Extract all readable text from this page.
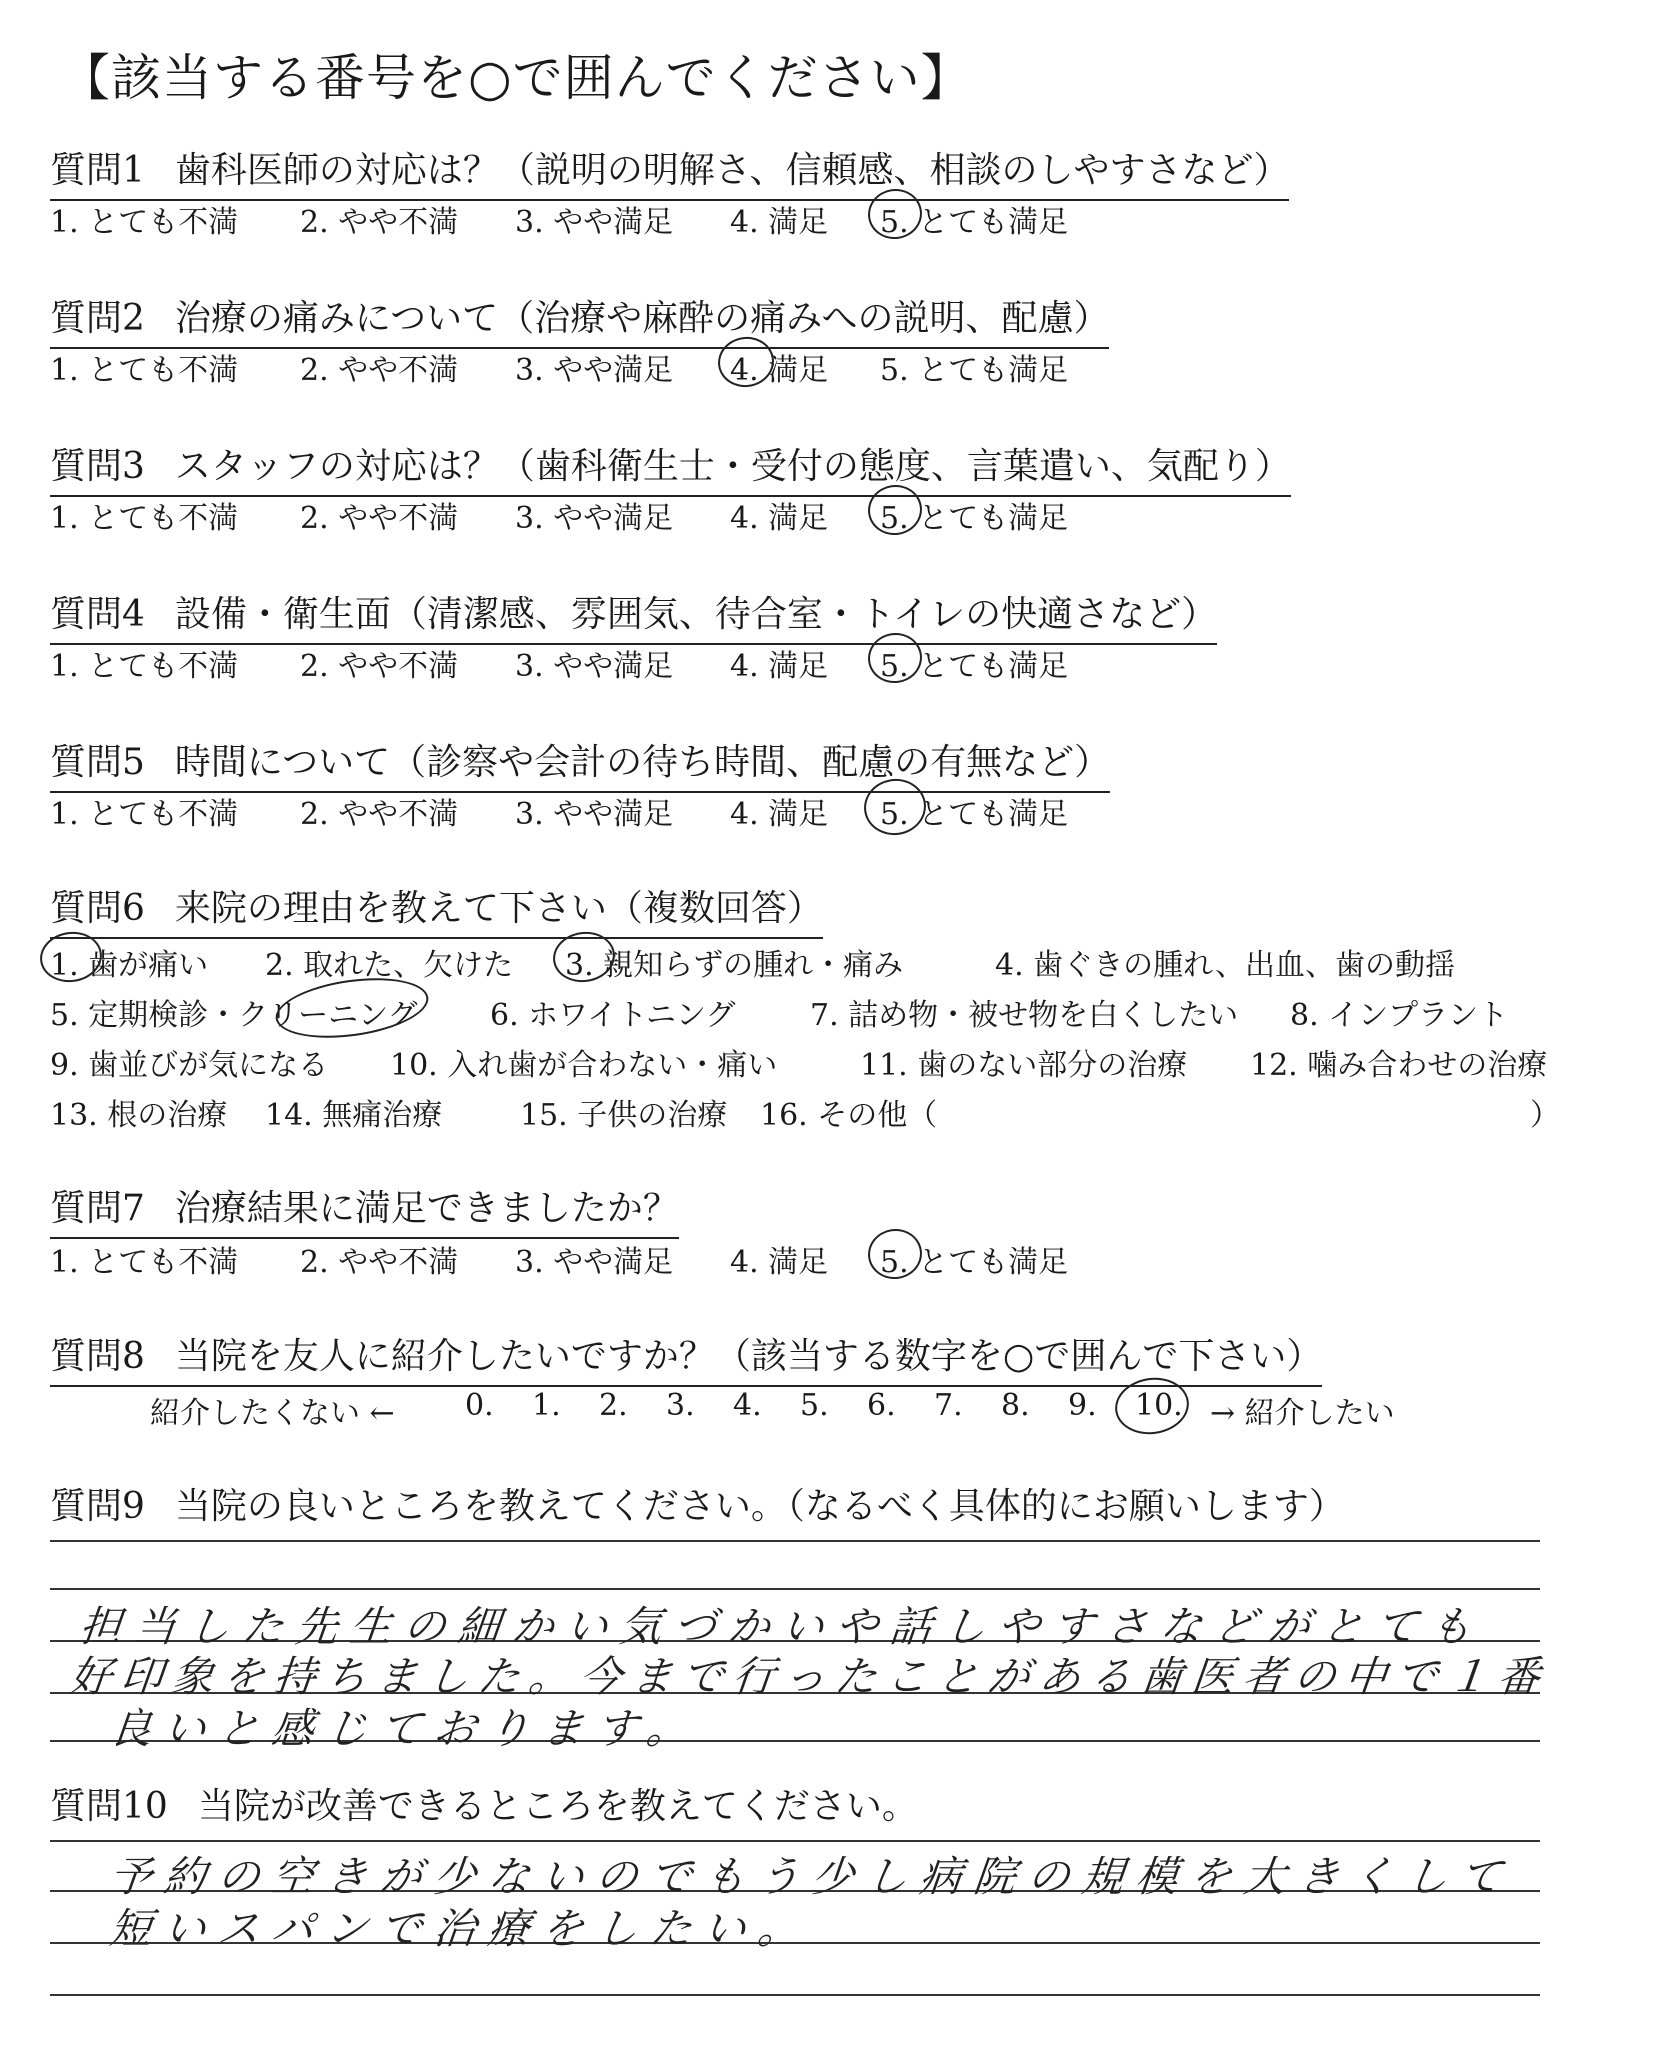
【該当する番号を○で囲んでください】
質問1 歯科医師の対応は？（説明の明解さ、信頼感、相談のしやすさなど）
1. とても不満 2. やや不満 3. やや満足 4. 満足 5. とても満足
質問2 治療の痛みについて（治療や麻酔の痛みへの説明、配慮）
1. とても不満 2. やや不満 3. やや満足 4. 満足 5. とても満足
質問3 スタッフの対応は？（歯科衛生士・受付の態度、言葉遣い、気配り）
1. とても不満 2. やや不満 3. やや満足 4. 満足 5. とても満足
質問4 設備・衛生面（清潔感、雰囲気、待合室・トイレの快適さなど）
1. とても不満 2. やや不満 3. やや満足 4. 満足 5. とても満足
質問5 時間について（診察や会計の待ち時間、配慮の有無など）
1. とても不満 2. やや不満 3. やや満足 4. 満足 5. とても満足
質問6 来院の理由を教えて下さい（複数回答）
1. 歯が痛い 2. 取れた、欠けた 3. 親知らずの腫れ・痛み	4. 歯ぐきの腫れ、出血、歯の動揺
5. 定期検診・クリーニング 6. ホワイトニング 7. 詰め物・被せ物を白くしたい 8. インプラント
9. 歯並びが気になる 10. 入れ歯が合わない・痛い	11. 歯のない部分の治療 12. 噛み合わせの治療
13. 根の治療 14. 無痛治療	15. 子供の治療 16. その他（	）
質問7 治療結果に満足できましたか？
1. とても不満 2. やや不満 3. やや満足 4. 満足 5. とても満足
質問8 当院を友人に紹介したいですか？（該当する数字を○で囲んで下さい）
紹介したくない ← 0. 1. 2. 3. 4. 5. 6. 7. 8. 9. 10. → 紹介したい
質問9 当院の良いところを教えてください。（なるべく具体的にお願いします）
担当した先生の細かい気づかいや話しやすさなどがとても
好印象を持ちました。今まで行ったことがある歯医者の中で１番
良いと感じております。
質問10 当院が改善できるところを教えてください。
予約の空きが少ないのでもう少し病院の規模を大きくして
短いスパンで治療をしたい。
